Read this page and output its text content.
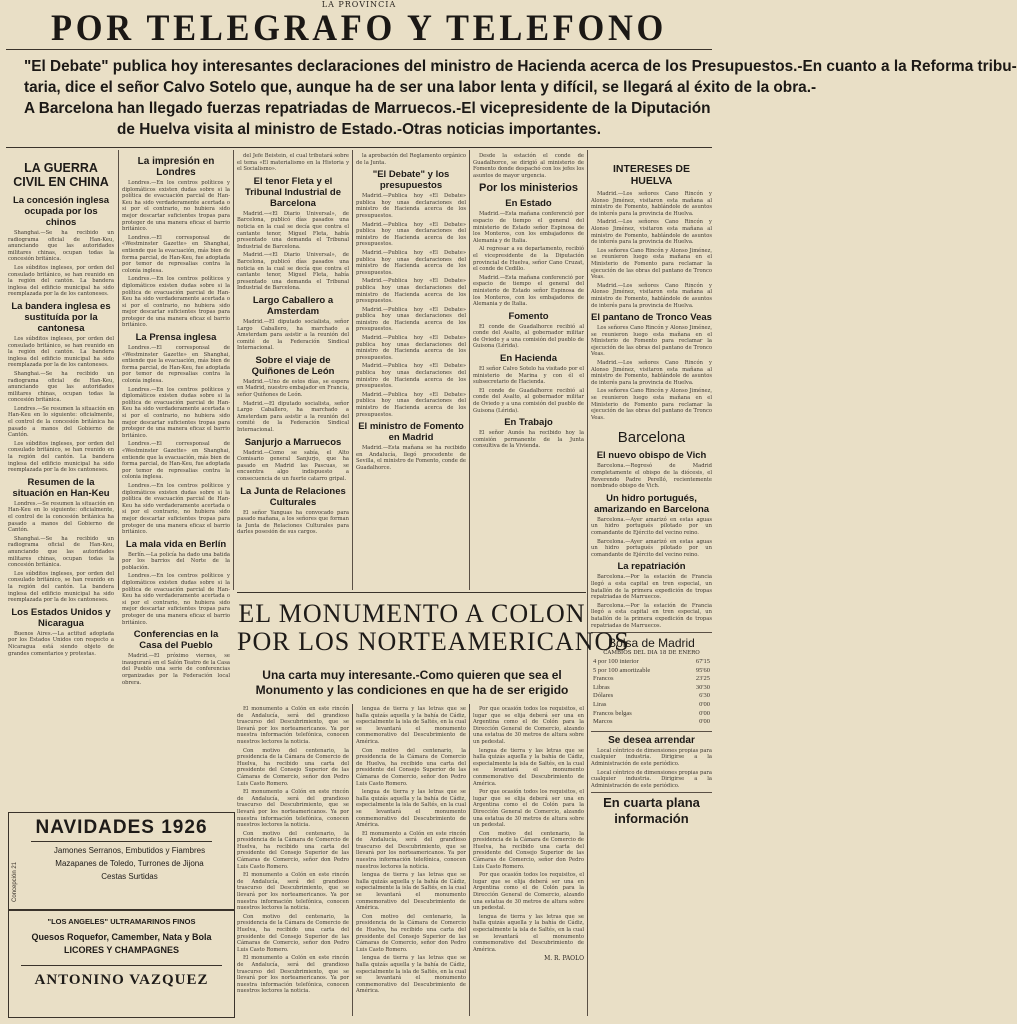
LA PROVINCIA
POR TELEGRAFO Y TELEFONO
"El Debate" publica hoy interesantes declaraciones del ministro de Hacienda acerca de los Presupuestos.-En cuanto a la Reforma tribu-
taria, dice el señor Calvo Sotelo que, aunque ha de ser una labor lenta y difícil, se llegará al éxito de la obra.-
A Barcelona han llegado fuerzas repatriadas de Marruecos.-El vicepresidente de la Diputación
de Huelva visita al ministro de Estado.-Otras noticias importantes.
LA GUERRA CIVIL EN CHINA
La concesión inglesa ocupada por los chinos

Shanghai.—Se ha recibido un radiograma oficial de Han-Keu, anunciando que las autoridades militares chinas, ocupan todas la concesión británica.

Los súbditos ingleses, por orden del consulado británico, se han reunido en la región del cantón. La bandera inglesa del edificio municipal ha sido reemplazada por la de los cantoneses.

La bandera inglesa es sustituída por la cantonesa

Los súbditos ingleses, por orden del consulado británico, se han reunido en la región del cantón. La bandera inglesa del edificio municipal ha sido reemplazada por la de los cantoneses.

Shanghai.—Se ha recibido un radiograma oficial de Han-Keu, anunciando que las autoridades militares chinas, ocupan todas la concesión británica.

Londres.—Se resumen la situación en Han-Keu en lo siguiente: oficialmente, el control de la concesión británica ha pasado a manos del Gobierno de Cantón.

Los súbditos ingleses, por orden del consulado británico, se han reunido en la región del cantón. La bandera inglesa del edificio municipal ha sido reemplazada por la de los cantoneses.

Resumen de la situación en Han-Keu

Londres.—Se resumen la situación en Han-Keu en lo siguiente: oficialmente, el control de la concesión británica ha pasado a manos del Gobierno de Cantón.

Shanghai.—Se ha recibido un radiograma oficial de Han-Keu, anunciando que las autoridades militares chinas, ocupan todas la concesión británica.

Los súbditos ingleses, por orden del consulado británico, se han reunido en la región del cantón. La bandera inglesa del edificio municipal ha sido reemplazada por la de los cantoneses.

Los Estados Unidos y Nicaragua

Buenos Aires.—La actitud adoptada por los Estados Unidos con respecto a Nicaragua está siendo objeto de grandes comentarios y protestas.

La impresión en Londres

Londres.—En los centros políticos y diplomáticos existen dudas sobre si la política de evacuación parcial de Han-Keu ha sido verdaderamente acertada o si por el contrario, no hubiera sido mejor descartar suficientes tropas para proteger de una manera eficaz el barrio británico.

Londres.—El corresponsal de «Westminster Gazette» en Shanghai, entiende que la evacuación, más bien de forma parcial, de Han-Keu, fue adoptada por temor de represalias contra la colonia inglesa.

Londres.—En los centros políticos y diplomáticos existen dudas sobre si la política de evacuación parcial de Han-Keu ha sido verdaderamente acertada o si por el contrario, no hubiera sido mejor descartar suficientes tropas para proteger de una manera eficaz el barrio británico.

La Prensa inglesa

Londres.—El corresponsal de «Westminster Gazette» en Shanghai, entiende que la evacuación, más bien de forma parcial, de Han-Keu, fue adoptada por temor de represalias contra la colonia inglesa.

Londres.—En los centros políticos y diplomáticos existen dudas sobre si la política de evacuación parcial de Han-Keu ha sido verdaderamente acertada o si por el contrario, no hubiera sido mejor descartar suficientes tropas para proteger de una manera eficaz el barrio británico.

Londres.—El corresponsal de «Westminster Gazette» en Shanghai, entiende que la evacuación, más bien de forma parcial, de Han-Keu, fue adoptada por temor de represalias contra la colonia inglesa.

Londres.—En los centros políticos y diplomáticos existen dudas sobre si la política de evacuación parcial de Han-Keu ha sido verdaderamente acertada o si por el contrario, no hubiera sido mejor descartar suficientes tropas para proteger de una manera eficaz el barrio británico.

La mala vida en Berlín

Berlín.—La policía ha dado una batida por los barrios del Norte de la población.

Londres.—En los centros políticos y diplomáticos existen dudas sobre si la política de evacuación parcial de Han-Keu ha sido verdaderamente acertada o si por el contrario, no hubiera sido mejor descartar suficientes tropas para proteger de una manera eficaz el barrio británico.

Conferencias en la Casa del Pueblo

Madrid.—El próximo viernes, se inaugurará en el Salón Teatro de la Casa del Pueblo una serie de conferencias organizadas por la Federación local obrera.

del Jefe Beistein, el cual tributará sobre el tema «El materialismo en la Historia y el Socialismo».

El tenor Fleta y el Tribunal Industrial de Barcelona

Madrid.—«El Diario Universal», de Barcelona, publicó días pasados una noticia en la cual se decía que contra el cantante tenor, Miguel Fleta, había presentado una demanda el Tribunal Industrial de Barcelona.

Madrid.—«El Diario Universal», de Barcelona, publicó días pasados una noticia en la cual se decía que contra el cantante tenor, Miguel Fleta, había presentado una demanda el Tribunal Industrial de Barcelona.

Largo Caballero a Amsterdam

Madrid.—El diputado socialista, señor Largo Caballero, ha marchado a Amsterdam para asistir a la reunión del comité de la Federación Sindical Internacional.

Sobre el viaje de Quiñones de León

Madrid.—Uno de estos días, se espera en Madrid, nuestro embajador en Francia, señor Quiñones de León.

Madrid.—El diputado socialista, señor Largo Caballero, ha marchado a Amsterdam para asistir a la reunión del comité de la Federación Sindical Internacional.

Sanjurjo a Marruecos

Madrid.—Como se sabía, el Alto Comisario general Sanjurjo, que ha pasado en Madrid las Pascuas, se encuentra algo indispuesto a consecuencia de un fuerte catarro gripal.

La Junta de Relaciones Culturales

El señor Yanguas ha convocado para pasado mañana, a los señores que forman la Junta de Relaciones Culturales para darles posesión de sus cargos.

la aprobación del Reglamento orgánico de la Junta.

"El Debate" y los presupuestos

Madrid.—Publica hoy «El Debate» publica hoy unas declaraciones del ministro de Hacienda acerca de los presupuestos.

Madrid.—Publica hoy «El Debate» publica hoy unas declaraciones del ministro de Hacienda acerca de los presupuestos.

Madrid.—Publica hoy «El Debate» publica hoy unas declaraciones del ministro de Hacienda acerca de los presupuestos.

Madrid.—Publica hoy «El Debate» publica hoy unas declaraciones del ministro de Hacienda acerca de los presupuestos.

Madrid.—Publica hoy «El Debate» publica hoy unas declaraciones del ministro de Hacienda acerca de los presupuestos.

Madrid.—Publica hoy «El Debate» publica hoy unas declaraciones del ministro de Hacienda acerca de los presupuestos.

Madrid.—Publica hoy «El Debate» publica hoy unas declaraciones del ministro de Hacienda acerca de los presupuestos.

Madrid.—Publica hoy «El Debate» publica hoy unas declaraciones del ministro de Hacienda acerca de los presupuestos.

El ministro de Fomento en Madrid

Madrid.—Esta mañana se ha recibido en Andalucía, llegó procedente de Sevilla, el ministro de Fomento, conde de Guadalhorce.

Desde la estación el conde de Guadalhorce, se dirigió al ministerio de Fomento donde despachó con los jefes los asuntos de mayor urgencia.

Por los ministerios
En Estado

Madrid.—Esta mañana conferenció por espacio de tiempo el general del ministerio de Estado señor Espinosa de los Monteros, con los embajadores de Alemania y de Italia.

Al regresar a su departamento, recibió el vicepresidente de la Diputación provincial de Huelva, señor Cano Cruzat, el conde de Cedillo.

Madrid.—Esta mañana conferenció por espacio de tiempo el general del ministerio de Estado señor Espinosa de los Monteros, con los embajadores de Alemania y de Italia.

Fomento

El conde de Guadalhorce recibió al conde del Asalto, al gobernador militar de Oviedo y a una comisión del pueblo de Guisona (Lérida).

En Hacienda

El señor Calvo Sotelo ha visitado por el ministerio de Marina y con él el subsecretario de Hacienda.

El conde de Guadalhorce recibió al conde del Asalto, al gobernador militar de Oviedo y a una comisión del pueblo de Guisona (Lérida).

En Trabajo

El señor Aunós ha recibido hoy la comisión permanente de la Junta consultiva de la Vivienda.

INTERESES DE HUELVA

Madrid.—Los señores Cano Rincón y Alonso Jiménez, visitaron esta mañana al ministro de Fomento, hablándole de asuntos de interés para la provincia de Huelva.

Madrid.—Los señores Cano Rincón y Alonso Jiménez, visitaron esta mañana al ministro de Fomento, hablándole de asuntos de interés para la provincia de Huelva.

Los señores Cano Rincón y Alonso Jiménez, se reunieron luego esta mañana en el Ministerio de Fomento para reclamar la ejecución de las obras del pantano de Tronco Veas.

Madrid.—Los señores Cano Rincón y Alonso Jiménez, visitaron esta mañana al ministro de Fomento, hablándole de asuntos de interés para la provincia de Huelva.

El pantano de Tronco Veas

Los señores Cano Rincón y Alonso Jiménez, se reunieron luego esta mañana en el Ministerio de Fomento para reclamar la ejecución de las obras del pantano de Tronco Veas.

Madrid.—Los señores Cano Rincón y Alonso Jiménez, visitaron esta mañana al ministro de Fomento, hablándole de asuntos de interés para la provincia de Huelva.

Los señores Cano Rincón y Alonso Jiménez, se reunieron luego esta mañana en el Ministerio de Fomento para reclamar la ejecución de las obras del pantano de Tronco Veas.

Barcelona
El nuevo obispo de Vich

Barcelona.—Regresó de Madrid completamente el obispo de la diócesis, el Reverendo Padre Perelló, recientemente nombrado obispo de Vich.

Un hidro portugués, amarizando en Barcelona

Barcelona.—Ayer amarizó en estas aguas un hidro portugués pilotado por un comandante de Ejército del vecino reino.

Barcelona.—Ayer amarizó en estas aguas un hidro portugués pilotado por un comandante de Ejército del vecino reino.

La repatriación

Barcelona.—Por la estación de Francia llegó a esta capital en tren especial, un batallón de la primera expedición de tropas repatriadas de Marruecos.

Barcelona.—Por la estación de Francia llegó a esta capital en tren especial, un batallón de la primera expedición de tropas repatriadas de Marruecos.

Bolsa de Madrid
CAMBIOS DEL DIA 18 DE ENERO
4 por 100 interior	67'15
5 por 100 amortizable	95'60
Francos	23'25
Libras	30'30
Dólares	6'30
Liras	0'00
Francos belgas	0'00
Marcos	0'00
Se desea arrendar

Local céntrico de dimensiones propias para cualquier industria. Dirigirse a la Administración de este periódico.

Local céntrico de dimensiones propias para cualquier industria. Dirigirse a la Administración de este periódico.

En cuarta plana información
EL MONUMENTO A COLON
POR LOS NORTEAMERICANOS
Una carta muy interesante.-Como quieren que sea el Monumento y las condiciones en que ha de ser erigido

El monumento a Colón en este rincón de Andalucía, será del grandioso trascurso del Descubrimiento, que se llevará por los norteamericanos. Ya por nuestra información telefónica, conocen nuestros lectores la noticia.

Con motivo del centenario, la presidencia de la Cámara de Comercio de Huelva, ha recibido una carta del presidente del Consejo Superior de las Cámaras de Comercio, señor don Pedro Luis Casto Romero.

El monumento a Colón en este rincón de Andalucía, será del grandioso trascurso del Descubrimiento, que se llevará por los norteamericanos. Ya por nuestra información telefónica, conocen nuestros lectores la noticia.

Con motivo del centenario, la presidencia de la Cámara de Comercio de Huelva, ha recibido una carta del presidente del Consejo Superior de las Cámaras de Comercio, señor don Pedro Luis Casto Romero.

El monumento a Colón en este rincón de Andalucía, será del grandioso trascurso del Descubrimiento, que se llevará por los norteamericanos. Ya por nuestra información telefónica, conocen nuestros lectores la noticia.

Con motivo del centenario, la presidencia de la Cámara de Comercio de Huelva, ha recibido una carta del presidente del Consejo Superior de las Cámaras de Comercio, señor don Pedro Luis Casto Romero.

El monumento a Colón en este rincón de Andalucía, será del grandioso trascurso del Descubrimiento, que se llevará por los norteamericanos. Ya por nuestra información telefónica, conocen nuestros lectores la noticia.

lengua de tierra y las letras que se halla quizás aquella y la bahía de Cádiz, especialmente la isla de Saltés, en la cual se levantará el monumento conmemorativo del Descubrimiento de América.

Con motivo del centenario, la presidencia de la Cámara de Comercio de Huelva, ha recibido una carta del presidente del Consejo Superior de las Cámaras de Comercio, señor don Pedro Luis Casto Romero.

lengua de tierra y las letras que se halla quizás aquella y la bahía de Cádiz, especialmente la isla de Saltés, en la cual se levantará el monumento conmemorativo del Descubrimiento de América.

El monumento a Colón en este rincón de Andalucía, será del grandioso trascurso del Descubrimiento, que se llevará por los norteamericanos. Ya por nuestra información telefónica, conocen nuestros lectores la noticia.

lengua de tierra y las letras que se halla quizás aquella y la bahía de Cádiz, especialmente la isla de Saltés, en la cual se levantará el monumento conmemorativo del Descubrimiento de América.

Con motivo del centenario, la presidencia de la Cámara de Comercio de Huelva, ha recibido una carta del presidente del Consejo Superior de las Cámaras de Comercio, señor don Pedro Luis Casto Romero.

lengua de tierra y las letras que se halla quizás aquella y la bahía de Cádiz, especialmente la isla de Saltés, en la cual se levantará el monumento conmemorativo del Descubrimiento de América.

Por que ocasión todos los requisitos, el lugar que se elija deberá ser una en Argentina como el de Colón para la Dirección General de Comercio, alzando una estatua de 30 metros de altura sobre un pedestal.

lengua de tierra y las letras que se halla quizás aquella y la bahía de Cádiz, especialmente la isla de Saltés, en la cual se levantará el monumento conmemorativo del Descubrimiento de América.

Por que ocasión todos los requisitos, el lugar que se elija deberá ser una en Argentina como el de Colón para la Dirección General de Comercio, alzando una estatua de 30 metros de altura sobre un pedestal.

Con motivo del centenario, la presidencia de la Cámara de Comercio de Huelva, ha recibido una carta del presidente del Consejo Superior de las Cámaras de Comercio, señor don Pedro Luis Casto Romero.

Por que ocasión todos los requisitos, el lugar que se elija deberá ser una en Argentina como el de Colón para la Dirección General de Comercio, alzando una estatua de 30 metros de altura sobre un pedestal.

lengua de tierra y las letras que se halla quizás aquella y la bahía de Cádiz, especialmente la isla de Saltés, en la cual se levantará el monumento conmemorativo del Descubrimiento de América.

M. R. PAOLO
NAVIDADES 1926
Jamones Serranos, Embutidos y Fiambres
Mazapanes de Toledo, Turrones de Jijona
Cestas Surtidas
Concepción 21
"LOS ANGELES" ULTRAMARINOS FINOS
Quesos Roquefor, Camember, Nata y Bola
LICORES Y CHAMPAGNES
ANTONINO VAZQUEZ
